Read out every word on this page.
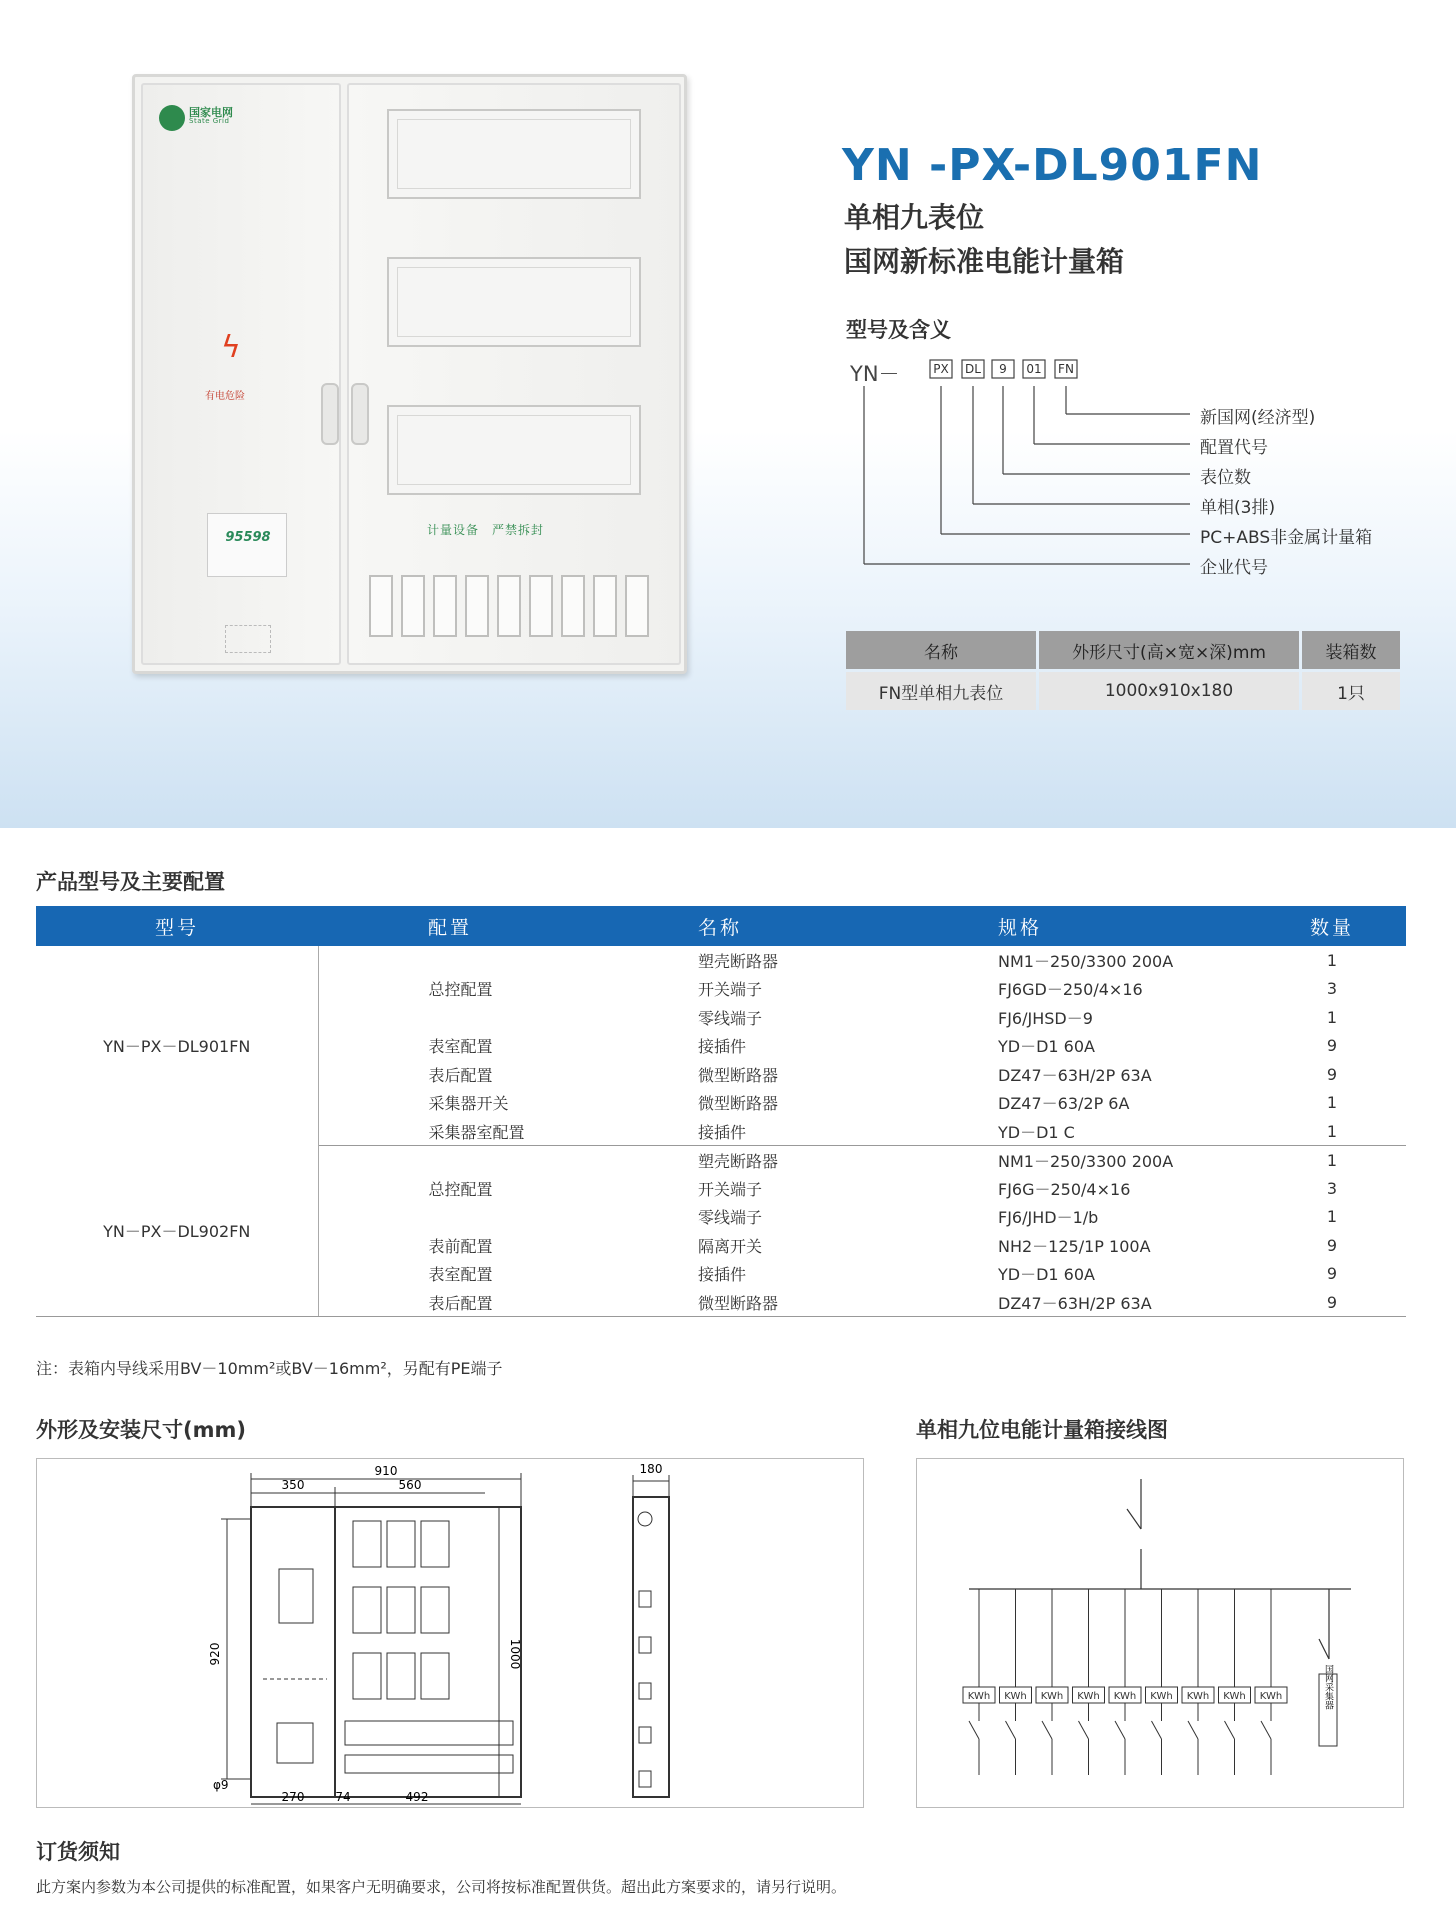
国家电网
State Grid
ϟ
有电危险
95598	计量设备　严禁拆封
YN -PX-DL901FN
单相九表位
国网新标准电能计量箱
型号及含义
YN－	PX DL	9	01 FN
新国网(经济型)
配置代号
表位数
单相(3排)
PC+ABS非金属计量箱
企业代号
名称	外形尺寸(高×宽×深)mm	装箱数
FN型单相九表位	1000x910x180	1只
产品型号及主要配置
型号	配置	名称	规格	数量
YN－PX－DL901FN		塑壳断路器	NM1－250/3300 200A	1
	总控配置	开关端子	FJ6GD－250/4×16	3
		零线端子	FJ6/JHSD－9	1
	表室配置	接插件	YD－D1 60A	9
	表后配置	微型断路器	DZ47－63H/2P 63A	9
	采集器开关	微型断路器	DZ47－63/2P 6A	1
	采集器室配置	接插件	YD－D1 C	1
YN－PX－DL902FN		塑壳断路器	NM1－250/3300 200A	1
	总控配置	开关端子	FJ6G－250/4×16	3
		零线端子	FJ6/JHD－1/b	1
	表前配置	隔离开关	NH2－125/1P 100A	9
	表室配置	接插件	YD－D1 60A	9
	表后配置	微型断路器	DZ47－63H/2P 63A	9
注：表箱内导线采用BV－10mm²或BV－16mm²，另配有PE端子
外形及安装尺寸(mm)	单相九位电能计量箱接线图
910
350	560
180
920	1000
270	74	492
φ9
KWh KWh KWh KWh KWh KWh KWh KWh KWh	国网采集器
订货须知
此方案内参数为本公司提供的标准配置，如果客户无明确要求，公司将按标准配置供货。超出此方案要求的，请另行说明。
